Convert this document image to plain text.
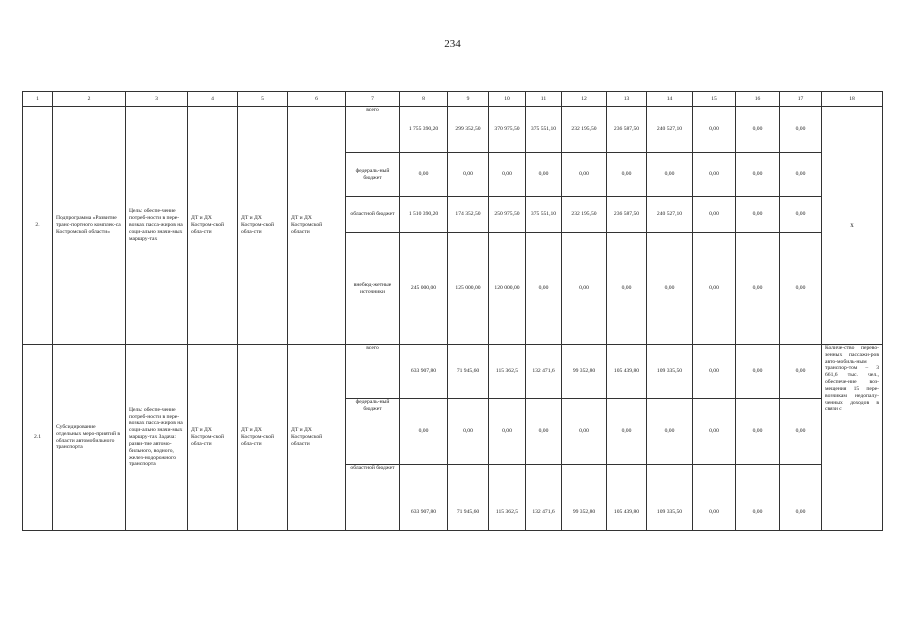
234
1	2	3	4	5	6	7	8	9	10	11	12	13	14	15	16	17	18
2.	Подпрограмма «Развитие транс-портного комплек-са Костромской области»	Цель: обеспе-чение потреб-ности в пере-возках пасса-жиров на соци-ально значи-мых маршру-тах	ДТ и ДХ Костром-ской обла-сти	ДТ и ДХ Костром-ской обла-сти	ДТ и ДХ Костромской области	всего	1 755 390,20	299 352,50	370 975,50	375 551,10	232 195,50	236 587,50	240 527,10	0,00	0,00	0,00	х
						федераль-ный бюджет	0,00	0,00	0,00	0,00	0,00	0,00	0,00	0,00	0,00	0,00	
						областной бюджет	1 510 390,20	174 352,50	250 975,50	375 551,10	232 195,50	236 587,50	240 527,10	0,00	0,00	0,00	
						внебюд-жетные источники	245 000,00	125 000,00	120 000,00	0,00	0,00	0,00	0,00	0,00	0,00	0,00	
2.1	Субсидирование отдельных меро-приятий в области автомобильного транспорта	Цель: обеспе-чение потреб-ности в пере-возках пасса-жиров на соци-ально значи-мых маршру-тах Задача: разви-тие автомо-бильного, водного, желез-нодорожного транспорта	ДТ и ДХ Костром-ской обла-сти	ДТ и ДХ Костром-ской обла-сти	ДТ и ДХ Костромской области	всего	633 907,80	71 945,60	115 362,5	132 471,6	99 352,80	105 439,80	109 335,50	0,00	0,00	0,00	Количе-ство перево-зенных пассажи-ров авто-мобиль-ным транспор-том – 3 661,6 тыс. чел., обеспече-ние воз-мещения 15 пере-возчикам недопалу-ченных доходов в связи с
						федераль-ный бюджет	0,00	0,00	0,00	0,00	0,00	0,00	0,00	0,00	0,00	0,00	
						областной бюджет	633 907,80	71 945,60	115 362,5	132 471,6	99 352,80	105 439,80	109 335,50	0,00	0,00	0,00	
